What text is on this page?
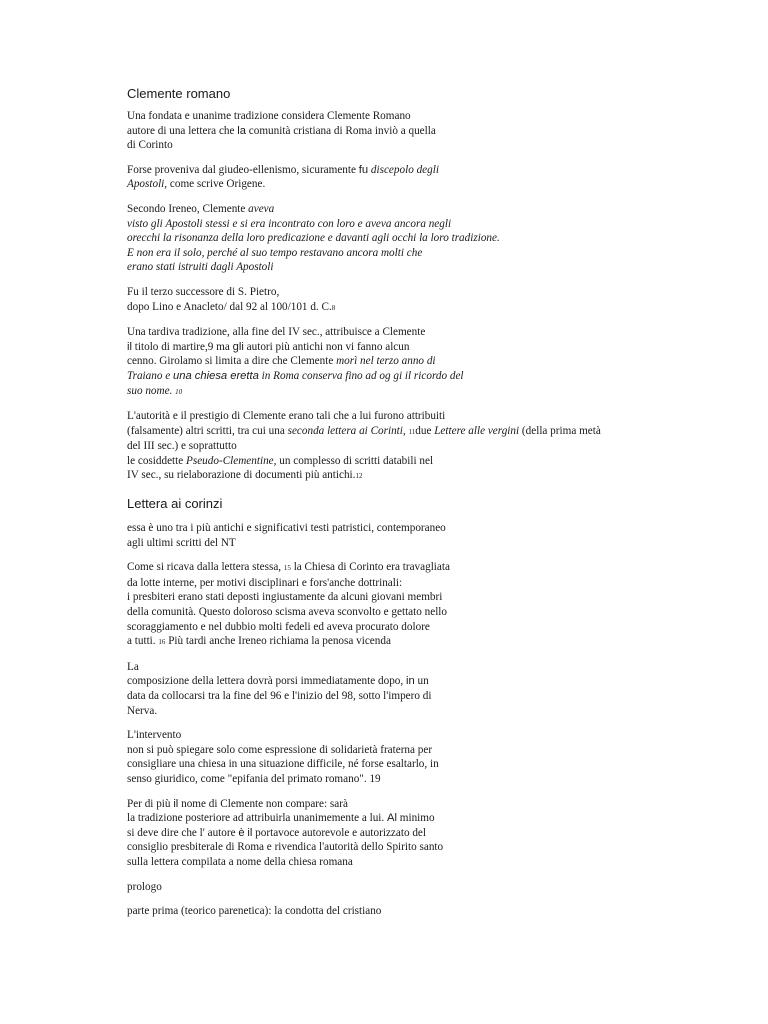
Clemente romano

Una fondata e unanime tradizione considera Clemente Romano
autore di una lettera che la comunità cristiana di Roma inviò a quella
di Corinto

Forse proveniva dal giudeo-ellenismo, sicuramente fu discepolo degli
Apostoli, come scrive Origene.

Secondo Ireneo, Clemente aveva
visto gli Apostoli stessi e si era incontrato con loro e aveva ancora negli
orecchi la risonanza della loro predicazione e davanti agli occhi la loro tradizione.
E non era il solo, perché al suo tempo restavano ancora molti che
erano stati istruiti dagli Apostoli

Fu il terzo successore di S. Pietro,
dopo Lino e Anacleto/ dal 92 al 100/101 d. C.8

Una tardiva tradizione, alla fine del IV sec., attribuisce a Clemente
il titolo di martire,9 ma gli autori più antichi non vi fanno alcun
cenno. Girolamo si limita a dire che Clemente morì nel terzo anno di
Traiano e una chiesa eretta in Roma conserva fino ad og gi il ricordo del
suo nome. 10

L'autorità e il prestigio di Clemente erano tali che a lui furono attribuiti
(falsamente) altri scritti, tra cui una seconda lettera ai Corinti, 11due Lettere alle vergini (della prima metà
del III sec.) e soprattutto
le cosiddette Pseudo-Clementine, un complesso di scritti databili nel
IV sec., su rielaborazione di documenti più antichi.12

Lettera ai corinzi

essa è uno tra i più antichi e significativi testi patristici, contemporaneo
agli ultimi scritti del NT

Come si ricava dalla lettera stessa, 15 la Chiesa di Corinto era travagliata
da lotte interne, per motivi disciplinari e fors'anche dottrinali:
i presbiteri erano stati deposti ingiustamente da alcuni giovani membri
della comunità. Questo doloroso scisma aveva sconvolto e gettato nello
scoraggiamento e nel dubbio molti fedeli ed aveva procurato dolore
a tutti. 16 Più tardi anche Ireneo richiama la penosa vicenda

La
composizione della lettera dovrà porsi immediatamente dopo, in un
data da collocarsi tra la fine del 96 e l'inizio del 98, sotto l'impero di
Nerva.

L'intervento
non si può spiegare solo come espressione di solidarietà fraterna per
consigliare una chiesa in una situazione difficile, né forse esaltarlo, in
senso giuridico, come "epifania del primato romano". 19

Per di più il nome di Clemente non compare: sarà
la tradizione posteriore ad attribuirla unanimemente a lui. Al minimo
si deve dire che l' autore è il portavoce autorevole e autorizzato del
consiglio presbiterale di Roma e rivendica l'autorità dello Spirito santo
sulla lettera compilata a nome della chiesa romana

prologo

parte prima (teorico parenetica): la condotta del cristiano
